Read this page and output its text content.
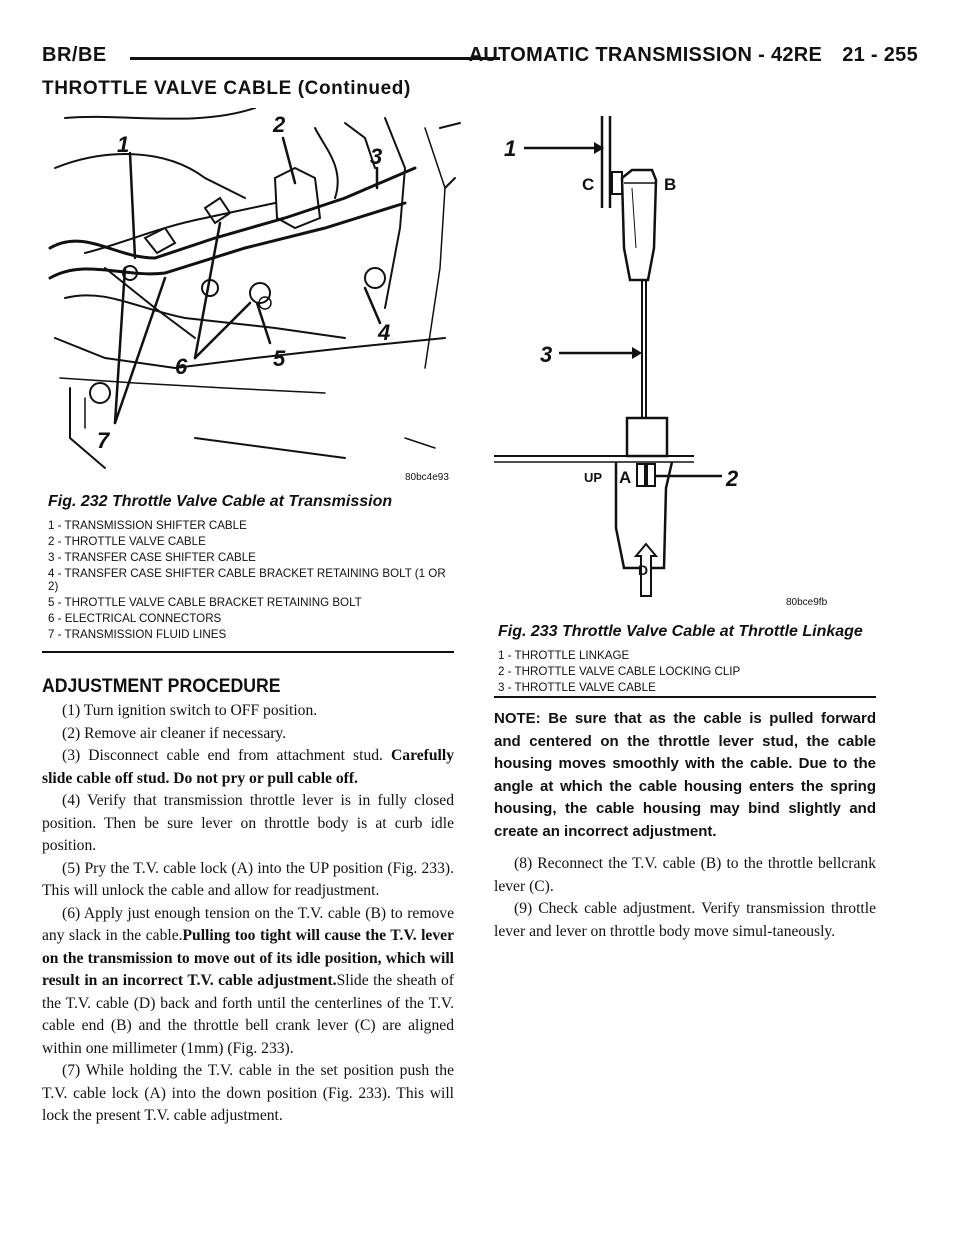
BR/BE	AUTOMATIC TRANSMISSION - 42RE 21 - 255
THROTTLE VALVE CABLE (Continued)
1
2
3
4
5
6
7
80bc4e93
1
2
3
C	B
A
D
UP
80bce9fb
Fig. 232 Throttle Valve Cable at Transmission
1 - TRANSMISSION SHIFTER CABLE
2 - THROTTLE VALVE CABLE
3 - TRANSFER CASE SHIFTER CABLE
4 - TRANSFER CASE SHIFTER CABLE BRACKET RETAINING BOLT (1 OR 2)
5 - THROTTLE VALVE CABLE BRACKET RETAINING BOLT
6 - ELECTRICAL CONNECTORS
7 - TRANSMISSION FLUID LINES	Fig. 233 Throttle Valve Cable at Throttle Linkage
1 - THROTTLE LINKAGE
2 - THROTTLE VALVE CABLE LOCKING CLIP
3 - THROTTLE VALVE CABLE
ADJUSTMENT PROCEDURE

(1) Turn ignition switch to OFF position.

(2) Remove air cleaner if necessary.

(3) Disconnect cable end from attachment stud. Carefully slide cable off stud. Do not pry or pull cable off.

(4) Verify that transmission throttle lever is in fully closed position. Then be sure lever on throttle body is at curb idle position.

(5) Pry the T.V. cable lock (A) into the UP position (Fig. 233). This will unlock the cable and allow for readjustment.

(6) Apply just enough tension on the T.V. cable (B) to remove any slack in the cable.Pulling too tight will cause the T.V. lever on the transmission to move out of its idle position, which will result in an incorrect T.V. cable adjustment.Slide the sheath of the T.V. cable (D) back and forth until the centerlines of the T.V. cable end (B) and the throttle bell crank lever (C) are aligned within one millimeter (1mm) (Fig. 233).

(7) While holding the T.V. cable in the set position push the T.V. cable lock (A) into the down position (Fig. 233). This will lock the present T.V. cable adjustment.

NOTE: Be sure that as the cable is pulled forward and centered on the throttle lever stud, the cable housing moves smoothly with the cable. Due to the angle at which the cable housing enters the spring housing, the cable housing may bind slightly and create an incorrect adjustment.

(8) Reconnect the T.V. cable (B) to the throttle bellcrank lever (C).

(9) Check cable adjustment. Verify transmission throttle lever and lever on throttle body move simul-taneously.
